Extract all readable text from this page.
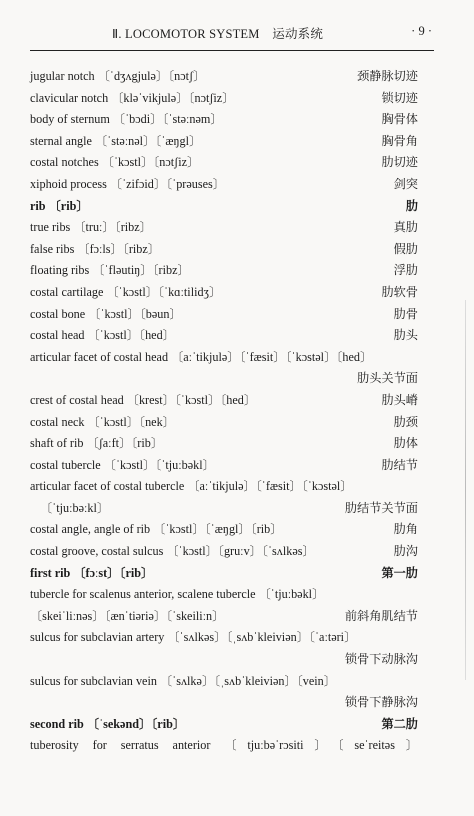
Ⅱ. LOCOMOTOR SYSTEM　运动系统	· 9 ·
jugular notch 〔ˈdʒʌgjulə〕〔nɔtʃ〕	颈静脉切迹
clavicular notch 〔kləˈvikjulə〕〔nɔtʃiz〕	锁切迹
body of sternum 〔ˈbɔdi〕〔ˈstəːnəm〕	胸骨体
sternal angle 〔ˈstəːnəl〕〔ˈæŋgl〕	胸骨角
costal notches 〔ˈkɔstl〕〔nɔtʃiz〕	肋切迹
xiphoid process 〔ˈzifɔid〕〔ˈprəuses〕	剑突
rib 〔rib〕	肋
true ribs 〔truː〕〔ribz〕	真肋
false ribs 〔fɔːls〕〔ribz〕	假肋
floating ribs 〔ˈfləutiŋ〕〔ribz〕	浮肋
costal cartilage 〔ˈkɔstl〕〔ˈkɑːtilidʒ〕	肋软骨
costal bone 〔ˈkɔstl〕〔bəun〕	肋骨
costal head 〔ˈkɔstl〕〔hed〕	肋头
articular facet of costal head 〔aːˈtikjulə〕〔ˈfæsit〕〔ˈkɔstəl〕〔hed〕
肋头关节面
crest of costal head 〔krest〕〔ˈkɔstl〕〔hed〕	肋头嵴
costal neck 〔ˈkɔstl〕〔nek〕	肋颈
shaft of rib 〔ʃaːft〕〔rib〕	肋体
costal tubercle 〔ˈkɔstl〕〔ˈtjuːbəkl〕	肋结节
articular facet of costal tubercle 〔aːˈtikjulə〕〔ˈfæsit〕〔ˈkɔstəl〕
〔ˈtjuːbəːkl〕	肋结节关节面
costal angle, angle of rib 〔ˈkɔstl〕〔ˈæŋgl〕〔rib〕	肋角
costal groove, costal sulcus 〔ˈkɔstl〕〔gruːv〕〔ˈsʌlkəs〕	肋沟
first rib 〔fɔːst〕〔rib〕	第一肋
tubercle for scalenus anterior, scalene tubercle 〔ˈtjuːbəkl〕
〔skeiˈliːnəs〕〔ænˈtiəriə〕〔ˈskeiliːn〕	前斜角肌结节
sulcus for subclavian artery 〔ˈsʌlkəs〕〔ˌsʌbˈkleiviən〕〔ˈaːtəri〕
锁骨下动脉沟
sulcus for subclavian vein 〔ˈsʌlkə〕〔ˌsʌbˈkleiviən〕〔vein〕
锁骨下静脉沟
second rib 〔ˈsekənd〕〔rib〕	第二肋
tuberosity for serratus anterior 〔tjuːbəˈrɔsiti〕〔seˈreitəs〕
